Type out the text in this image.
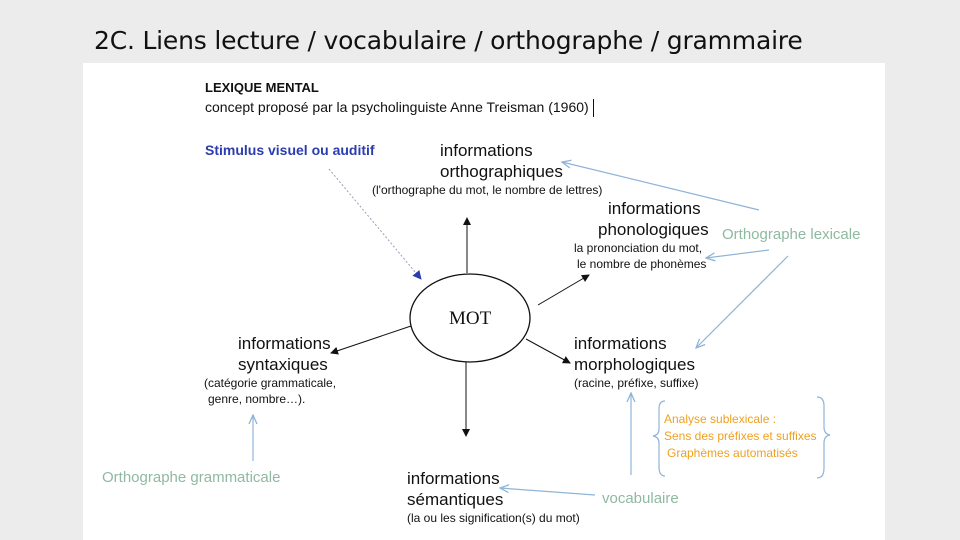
2C. Liens lecture / vocabulaire / orthographe / grammaire
LEXIQUE MENTAL
concept proposé par la psycholinguiste Anne Treisman (1960)
Stimulus visuel ou auditif
MOT
informations
orthographiques
(l'orthographe du mot, le nombre de lettres)
informations
phonologiques
la prononciation du mot,
le nombre de phonèmes
Orthographe lexicale
informations
morphologiques
(racine, préfixe, suffixe)
informations
syntaxiques
(catégorie grammaticale,
genre, nombre…).
Analyse sublexicale :
Sens des préfixes et suffixes
Graphèmes automatisés
Orthographe grammaticale	informations
sémantiques
(la ou les signification(s) du mot)
vocabulaire
